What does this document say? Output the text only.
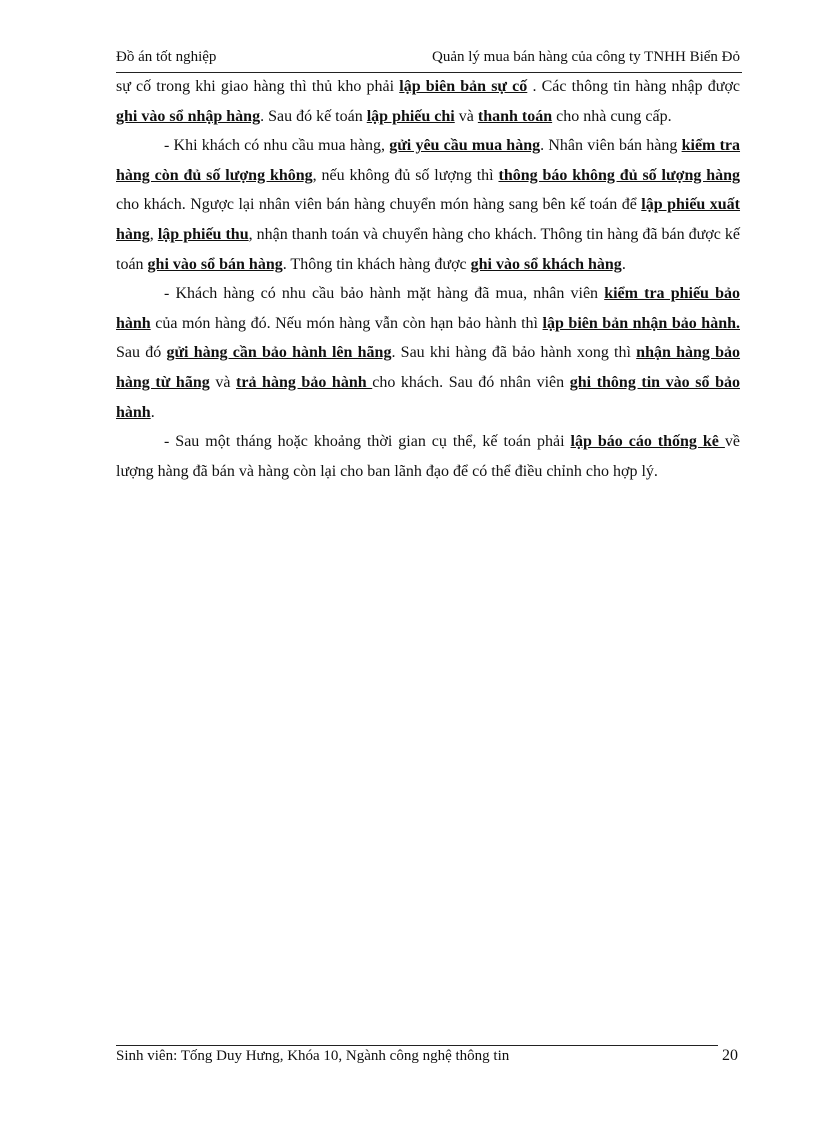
Đồ án tốt nghiệp	Quản lý mua bán hàng của công ty TNHH Biển Đỏ

sự cố trong khi giao hàng thì thủ kho phải lập biên bản sự cố . Các thông tin hàng nhập được ghi vào sổ nhập hàng. Sau đó kế toán lập phiếu chi và thanh toán cho nhà cung cấp.

- Khi khách có nhu cầu mua hàng, gửi yêu cầu mua hàng. Nhân viên bán hàng kiểm tra hàng còn đủ số lượng không, nếu không đủ số lượng thì thông báo không đủ số lượng hàng cho khách. Ngược lại nhân viên bán hàng chuyển món hàng sang bên kế toán để lập phiếu xuất hàng, lập phiếu thu, nhận thanh toán và chuyển hàng cho khách. Thông tin hàng đã bán được kế toán ghi vào sổ bán hàng. Thông tin khách hàng được ghi vào sổ khách hàng.

- Khách hàng có nhu cầu bảo hành mặt hàng đã mua, nhân viên kiểm tra phiếu bảo hành của món hàng đó. Nếu món hàng vẫn còn hạn bảo hành thì lập biên bản nhận bảo hành. Sau đó gửi hàng cần bảo hành lên hãng. Sau khi hàng đã bảo hành xong thì nhận hàng bảo hàng từ hãng và trả hàng bảo hành cho khách. Sau đó nhân viên ghi thông tin vào sổ bảo hành.

- Sau một tháng hoặc khoảng thời gian cụ thể, kế toán phải lập báo cáo thống kê về lượng hàng đã bán và hàng còn lại cho ban lãnh đạo để có thể điều chỉnh cho hợp lý.

Sinh viên: Tống Duy Hưng, Khóa 10, Ngành công nghệ thông tin	20
